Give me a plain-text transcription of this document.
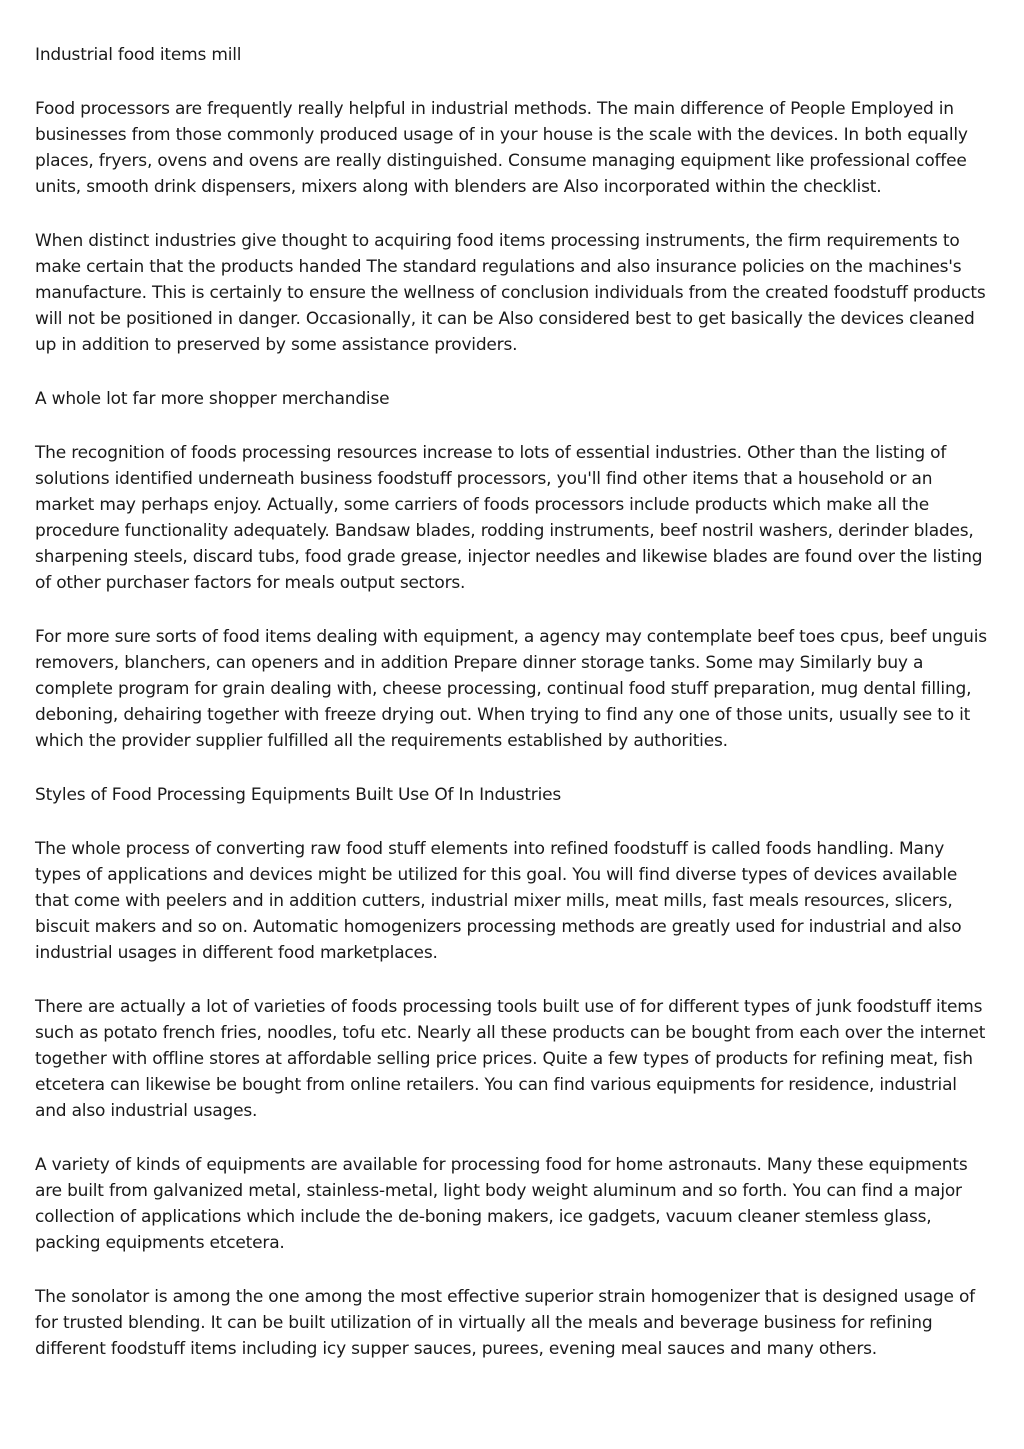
Industrial food items mill

Food processors are frequently really helpful in industrial methods. The main difference of People Employed in businesses from those commonly produced usage of in your house is the scale with the devices. In both equally places, fryers, ovens and ovens are really distinguished. Consume managing equipment like professional coffee units, smooth drink dispensers, mixers along with blenders are Also incorporated within the checklist.

When distinct industries give thought to acquiring food items processing instruments, the firm requirements to make certain that the products handed The standard regulations and also insurance policies on the machines's manufacture. This is certainly to ensure the wellness of conclusion individuals from the created foodstuff products will not be positioned in danger. Occasionally, it can be Also considered best to get basically the devices cleaned up in addition to preserved by some assistance providers.

A whole lot far more shopper merchandise

The recognition of foods processing resources increase to lots of essential industries. Other than the listing of solutions identified underneath business foodstuff processors, you'll find other items that a household or an market may perhaps enjoy. Actually, some carriers of foods processors include products which make all the procedure functionality adequately. Bandsaw blades, rodding instruments, beef nostril washers, derinder blades, sharpening steels, discard tubs, food grade grease, injector needles and likewise blades are found over the listing of other purchaser factors for meals output sectors.

For more sure sorts of food items dealing with equipment, a agency may contemplate beef toes cpus, beef unguis removers, blanchers, can openers and in addition Prepare dinner storage tanks. Some may Similarly buy a complete program for grain dealing with, cheese processing, continual food stuff preparation, mug dental filling, deboning, dehairing together with freeze drying out. When trying to find any one of those units, usually see to it which the provider supplier fulfilled all the requirements established by authorities.

Styles of Food Processing Equipments Built Use Of In Industries

The whole process of converting raw food stuff elements into refined foodstuff is called foods handling. Many types of applications and devices might be utilized for this goal. You will find diverse types of devices available that come with peelers and in addition cutters, industrial mixer mills, meat mills, fast meals resources, slicers, biscuit makers and so on. Automatic homogenizers processing methods are greatly used for industrial and also industrial usages in different food marketplaces.

There are actually a lot of varieties of foods processing tools built use of for different types of junk foodstuff items such as potato french fries, noodles, tofu etc. Nearly all these products can be bought from each over the internet together with offline stores at affordable selling price prices. Quite a few types of products for refining meat, fish etcetera can likewise be bought from online retailers. You can find various equipments for residence, industrial and also industrial usages.

A variety of kinds of equipments are available for processing food for home astronauts. Many these equipments are built from galvanized metal, stainless-metal, light body weight aluminum and so forth. You can find a major collection of applications which include the de-boning makers, ice gadgets, vacuum cleaner stemless glass, packing equipments etcetera.

The sonolator is among the one among the most effective superior strain homogenizer that is designed usage of for trusted blending. It can be built utilization of in virtually all the meals and beverage business for refining different foodstuff items including icy supper sauces, purees, evening meal sauces and many others.
